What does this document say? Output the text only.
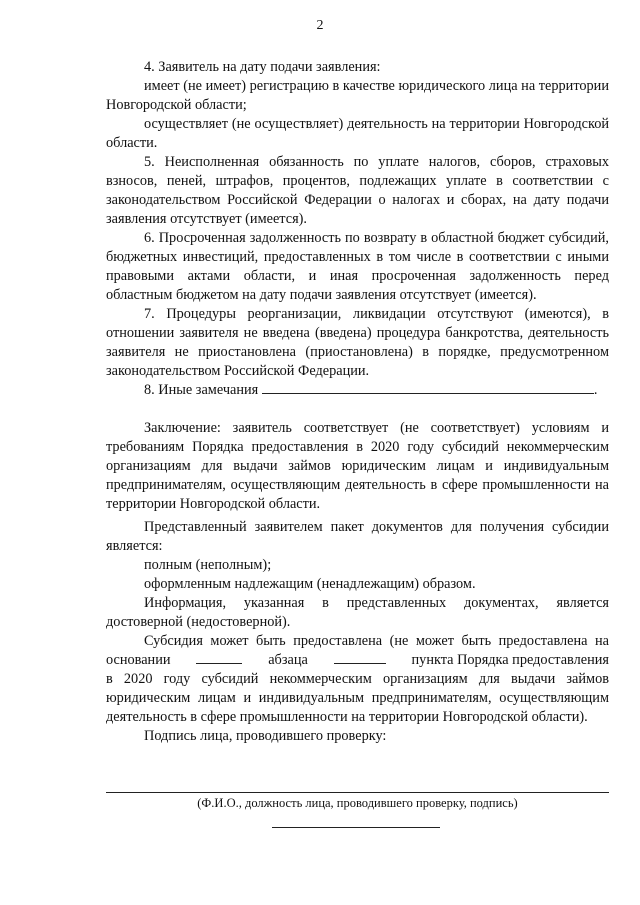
2

4. Заявитель на дату подачи заявления:

имеет (не имеет) регистрацию в качестве юридического лица на территории Новгородской области;

осуществляет (не осуществляет) деятельность на территории Новгородской области.

5. Неисполненная обязанность по уплате налогов, сборов, страховых взносов, пеней, штрафов, процентов, подлежащих уплате в соответствии с законодательством Российской Федерации о налогах и сборах, на дату подачи заявления отсутствует (имеется).

6. Просроченная задолженность по возврату в областной бюджет субсидий, бюджетных инвестиций, предоставленных в том числе в соответствии с иными правовыми актами области, и иная просроченная задолженность перед областным бюджетом на дату подачи заявления отсутствует (имеется).

7. Процедуры реорганизации, ликвидации отсутствуют (имеются), в отношении заявителя не введена (введена) процедура банкротства, деятельность заявителя не приостановлена (приостановлена) в порядке, предусмотренном законодательством Российской Федерации.

8. Иные замечания	.

Заключение: заявитель соответствует (не соответствует) условиям и требованиям Порядка предоставления в 2020 году субсидий некоммерческим организациям для выдачи займов юридическим лицам и индивидуальным предпринимателям, осуществляющим деятельность в сфере промышленности на территории Новгородской области.

Представленный заявителем пакет документов для получения субсидии является:

полным (неполным);

оформленным надлежащим (ненадлежащим) образом.

Информация, указанная в представленных документах, является достоверной (недостоверной).

Субсидия может быть предоставлена (не может быть предоставлена на

основании	абзаца	пункта Порядка предоставления

в 2020 году субсидий некоммерческим организациям для выдачи займов юридическим лицам и индивидуальным предпринимателям, осуществляющим деятельность в сфере промышленности на территории Новгородской области).

Подпись лица, проводившего проверку:

(Ф.И.О., должность лица, проводившего проверку, подпись)
